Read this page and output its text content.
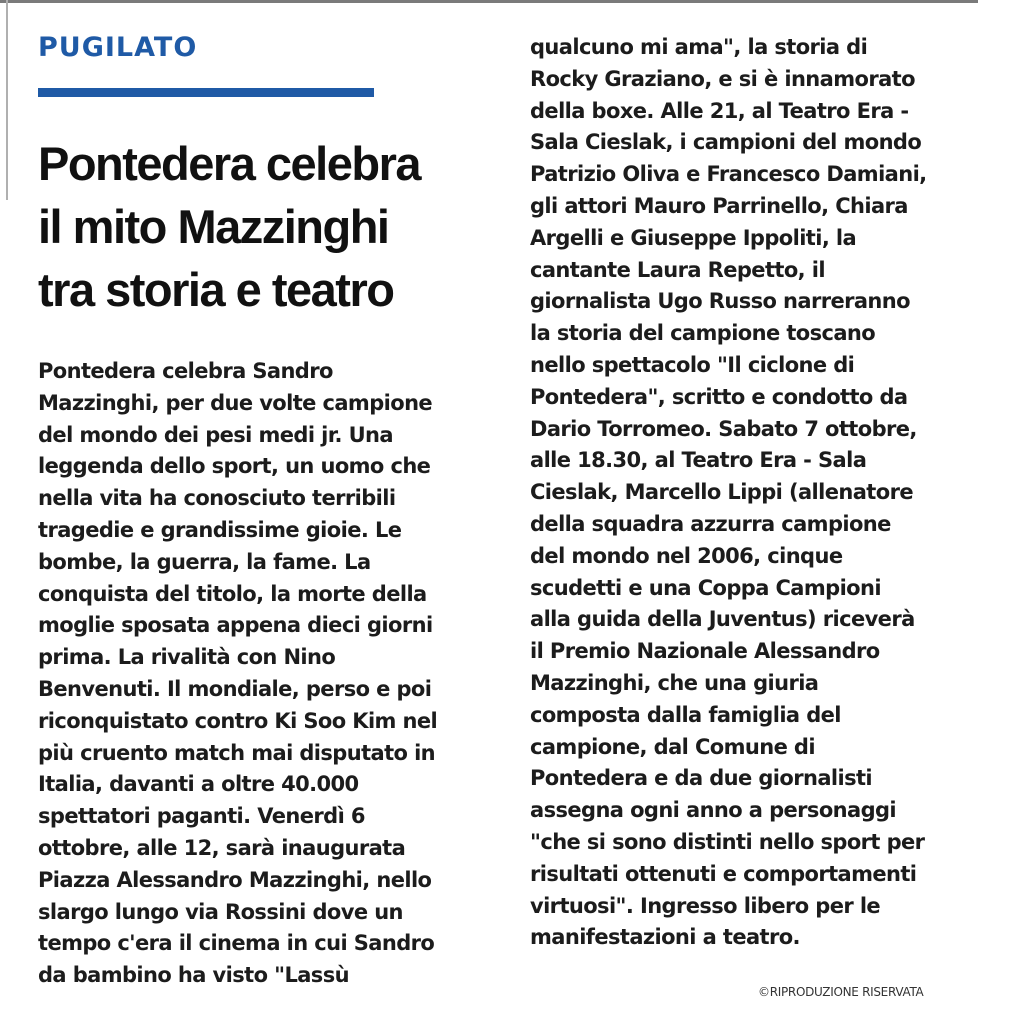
PUGILATO
Pontedera celebra
il mito Mazzinghi
tra storia e teatro
Pontedera celebra Sandro
Mazzinghi, per due volte campione
del mondo dei pesi medi jr. Una
leggenda dello sport, un uomo che
nella vita ha conosciuto terribili
tragedie e grandissime gioie. Le
bombe, la guerra, la fame. La
conquista del titolo, la morte della
moglie sposata appena dieci giorni
prima. La rivalità con Nino
Benvenuti. Il mondiale, perso e poi
riconquistato contro Ki Soo Kim nel
più cruento match mai disputato in
Italia, davanti a oltre 40.000
spettatori paganti. Venerdì 6
ottobre, alle 12, sarà inaugurata
Piazza Alessandro Mazzinghi, nello
slargo lungo via Rossini dove un
tempo c'era il cinema in cui Sandro
da bambino ha visto "Lassù
qualcuno mi ama", la storia di
Rocky Graziano, e si è innamorato
della boxe. Alle 21, al Teatro Era -
Sala Cieslak, i campioni del mondo
Patrizio Oliva e Francesco Damiani,
gli attori Mauro Parrinello, Chiara
Argelli e Giuseppe Ippoliti, la
cantante Laura Repetto, il
giornalista Ugo Russo narreranno
la storia del campione toscano
nello spettacolo "Il ciclone di
Pontedera", scritto e condotto da
Dario Torromeo. Sabato 7 ottobre,
alle 18.30, al Teatro Era - Sala
Cieslak, Marcello Lippi (allenatore
della squadra azzurra campione
del mondo nel 2006, cinque
scudetti e una Coppa Campioni
alla guida della Juventus) riceverà
il Premio Nazionale Alessandro
Mazzinghi, che una giuria
composta dalla famiglia del
campione, dal Comune di
Pontedera e da due giornalisti
assegna ogni anno a personaggi
"che si sono distinti nello sport per
risultati ottenuti e comportamenti
virtuosi". Ingresso libero per le
manifestazioni a teatro.
©RIPRODUZIONE RISERVATA
